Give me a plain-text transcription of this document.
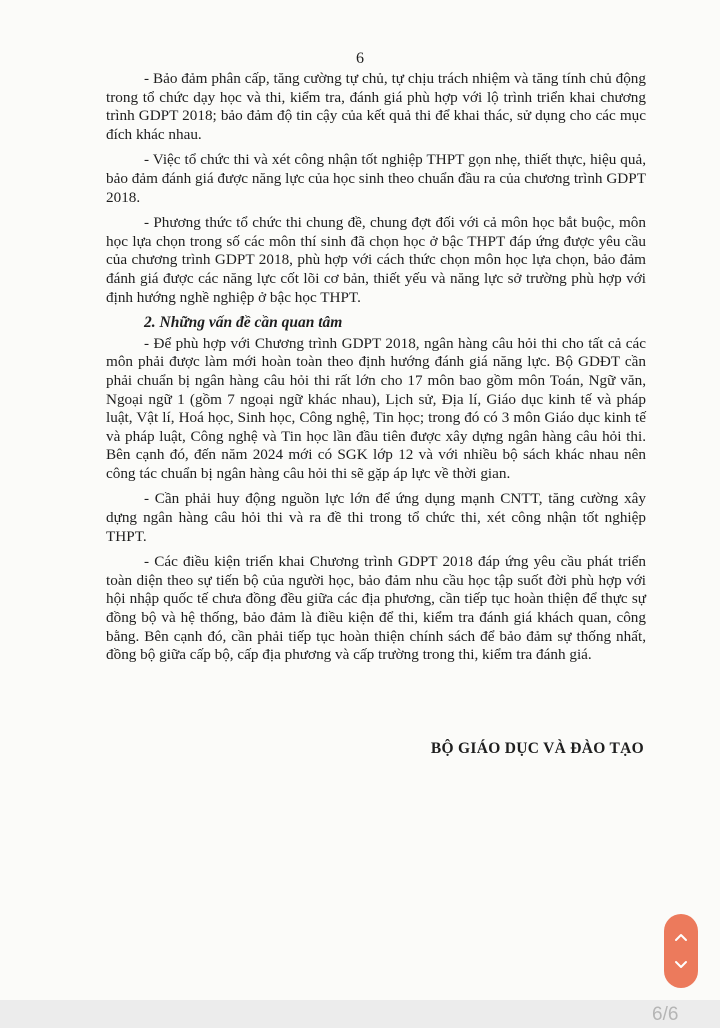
6

- Bảo đảm phân cấp, tăng cường tự chủ, tự chịu trách nhiệm và tăng tính chủ động trong tổ chức dạy học và thi, kiểm tra, đánh giá phù hợp với lộ trình triển khai chương trình GDPT 2018; bảo đảm độ tin cậy của kết quả thi để khai thác, sử dụng cho các mục đích khác nhau.

- Việc tổ chức thi và xét công nhận tốt nghiệp THPT gọn nhẹ, thiết thực, hiệu quả, bảo đảm đánh giá được năng lực của học sinh theo chuẩn đầu ra của chương trình GDPT 2018.

- Phương thức tổ chức thi chung đề, chung đợt đối với cả môn học bắt buộc, môn học lựa chọn trong số các môn thí sinh đã chọn học ở bậc THPT đáp ứng được yêu cầu của chương trình GDPT 2018, phù hợp với cách thức chọn môn học lựa chọn, bảo đảm đánh giá được các năng lực cốt lõi cơ bản, thiết yếu và năng lực sở trường phù hợp với định hướng nghề nghiệp ở bậc học THPT.

2. Những vấn đề cần quan tâm

- Để phù hợp với Chương trình GDPT 2018, ngân hàng câu hỏi thi cho tất cả các môn phải được làm mới hoàn toàn theo định hướng đánh giá năng lực. Bộ GDĐT cần phải chuẩn bị ngân hàng câu hỏi thi rất lớn cho 17 môn bao gồm môn Toán, Ngữ văn, Ngoại ngữ 1 (gồm 7 ngoại ngữ khác nhau), Lịch sử, Địa lí, Giáo dục kinh tế và pháp luật, Vật lí, Hoá học, Sinh học, Công nghệ, Tin học; trong đó có 3 môn Giáo dục kinh tế và pháp luật, Công nghệ và Tin học lần đầu tiên được xây dựng ngân hàng câu hỏi thi. Bên cạnh đó, đến năm 2024 mới có SGK lớp 12 và với nhiều bộ sách khác nhau nên công tác chuẩn bị ngân hàng câu hỏi thi sẽ gặp áp lực về thời gian.

- Cần phải huy động nguồn lực lớn để ứng dụng mạnh CNTT, tăng cường xây dựng ngân hàng câu hỏi thi và ra đề thi trong tổ chức thi, xét công nhận tốt nghiệp THPT.

- Các điều kiện triển khai Chương trình GDPT 2018 đáp ứng yêu cầu phát triển toàn diện theo sự tiến bộ của người học, bảo đảm nhu cầu học tập suốt đời phù hợp với hội nhập quốc tế chưa đồng đều giữa các địa phương, cần tiếp tục hoàn thiện để thực sự đồng bộ và hệ thống, bảo đảm là điều kiện để thi, kiểm tra đánh giá khách quan, công bằng. Bên cạnh đó, cần phải tiếp tục hoàn thiện chính sách để bảo đảm sự thống nhất, đồng bộ giữa cấp bộ, cấp địa phương và cấp trường trong thi, kiểm tra đánh giá.

BỘ GIÁO DỤC VÀ ĐÀO TẠO
6/6
